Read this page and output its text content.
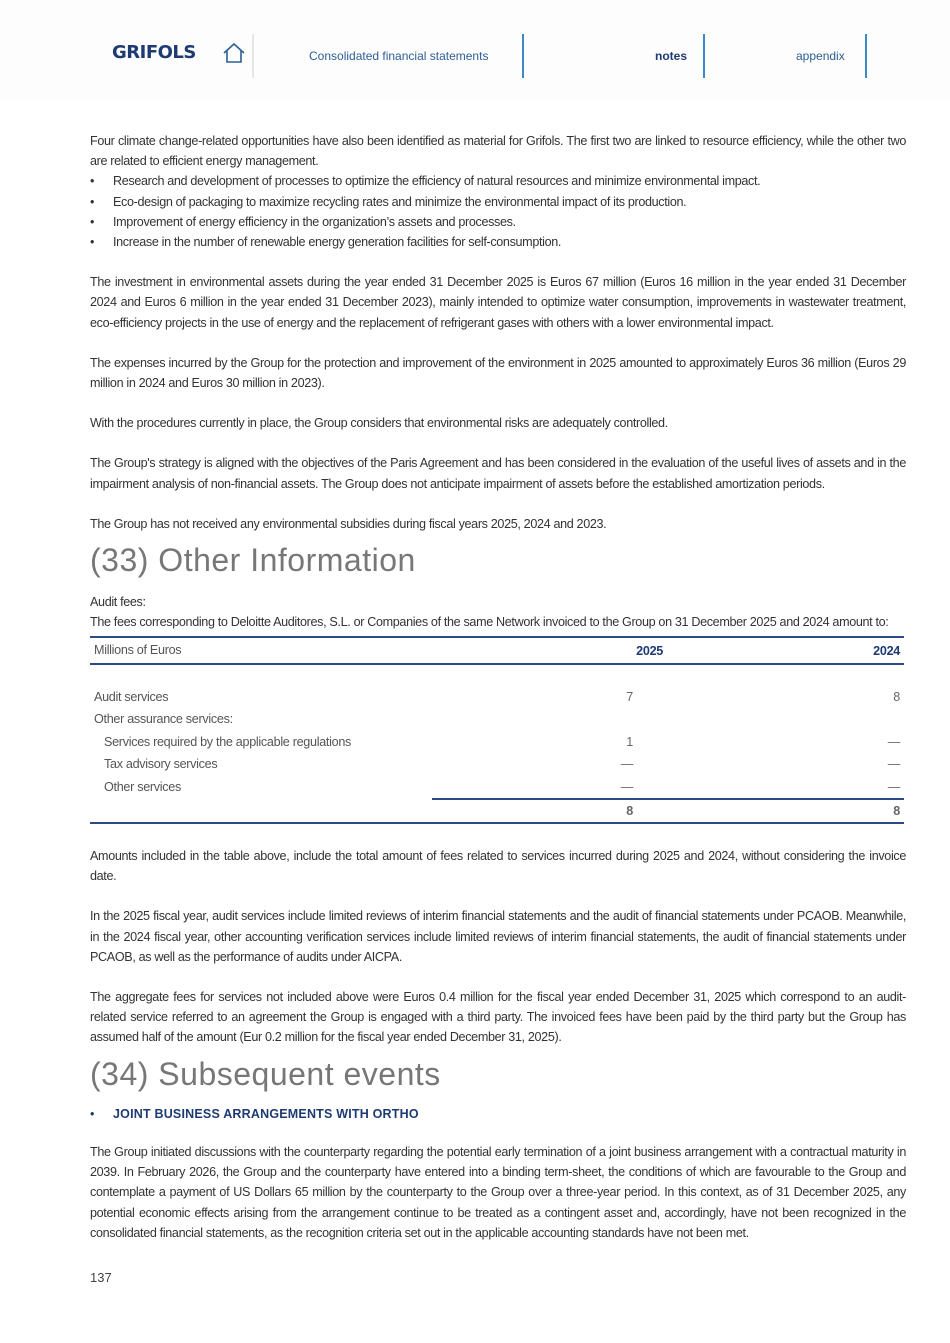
GRIFOLS	Consolidated financial statements	notes	appendix

Four climate change-related opportunities have also been identified as material for Grifols. The first two are linked to resource efficiency, while the other two are related to efficient energy management.

• Research and development of processes to optimize the efficiency of natural resources and minimize environmental impact.
• Eco-design of packaging to maximize recycling rates and minimize the environmental impact of its production.
• Improvement of energy efficiency in the organization’s assets and processes.
• Increase in the number of renewable energy generation facilities for self-consumption.

The investment in environmental assets during the year ended 31 December 2025 is Euros 67 million (Euros 16 million in the year ended 31 December 2024 and Euros 6 million in the year ended 31 December 2023), mainly intended to optimize water consumption, improvements in wastewater treatment, eco-efficiency projects in the use of energy and the replacement of refrigerant gases with others with a lower environmental impact.

The expenses incurred by the Group for the protection and improvement of the environment in 2025 amounted to approximately Euros 36 million (Euros 29 million in 2024 and Euros 30 million in 2023).

With the procedures currently in place, the Group considers that environmental risks are adequately controlled.

The Group's strategy is aligned with the objectives of the Paris Agreement and has been considered in the evaluation of the useful lives of assets and in the impairment analysis of non-financial assets. The Group does not anticipate impairment of assets before the established amortization periods.

The Group has not received any environmental subsidies during fiscal years 2025, 2024 and 2023.

(33) Other Information
Audit fees:
The fees corresponding to Deloitte Auditores, S.L. or Companies of the same Network invoiced to the Group on 31 December 2025 and 2024 amount to:
Millions of Euros	2025	2024

Audit services	7	8
Other assurance services:		
Services required by the applicable regulations	1	—
Tax advisory services	—	—
Other services	—	—
	8	8

Amounts included in the table above, include the total amount of fees related to services incurred during 2025 and 2024, without considering the invoice date.

In the 2025 fiscal year, audit services include limited reviews of interim financial statements and the audit of financial statements under PCAOB. Meanwhile, in the 2024 fiscal year, other accounting verification services include limited reviews of interim financial statements, the audit of financial statements under PCAOB, as well as the performance of audits under AICPA.

The aggregate fees for services not included above were Euros 0.4 million for the fiscal year ended December 31, 2025 which correspond to an audit-related service referred to an agreement the Group is engaged with a third party. The invoiced fees have been paid by the third party but the Group has assumed half of the amount (Eur 0.2 million for the fiscal year ended December 31, 2025).

(34) Subsequent events
• JOINT BUSINESS ARRANGEMENTS WITH ORTHO

The Group initiated discussions with the counterparty regarding the potential early termination of a joint business arrangement with a contractual maturity in 2039. In February 2026, the Group and the counterparty have entered into a binding term-sheet, the conditions of which are favourable to the Group and contemplate a payment of US Dollars 65 million by the counterparty to the Group over a three-year period. In this context, as of 31 December 2025, any potential economic effects arising from the arrangement continue to be treated as a contingent asset and, accordingly, have not been recognized in the consolidated financial statements, as the recognition criteria set out in the applicable accounting standards have not been met.

137
